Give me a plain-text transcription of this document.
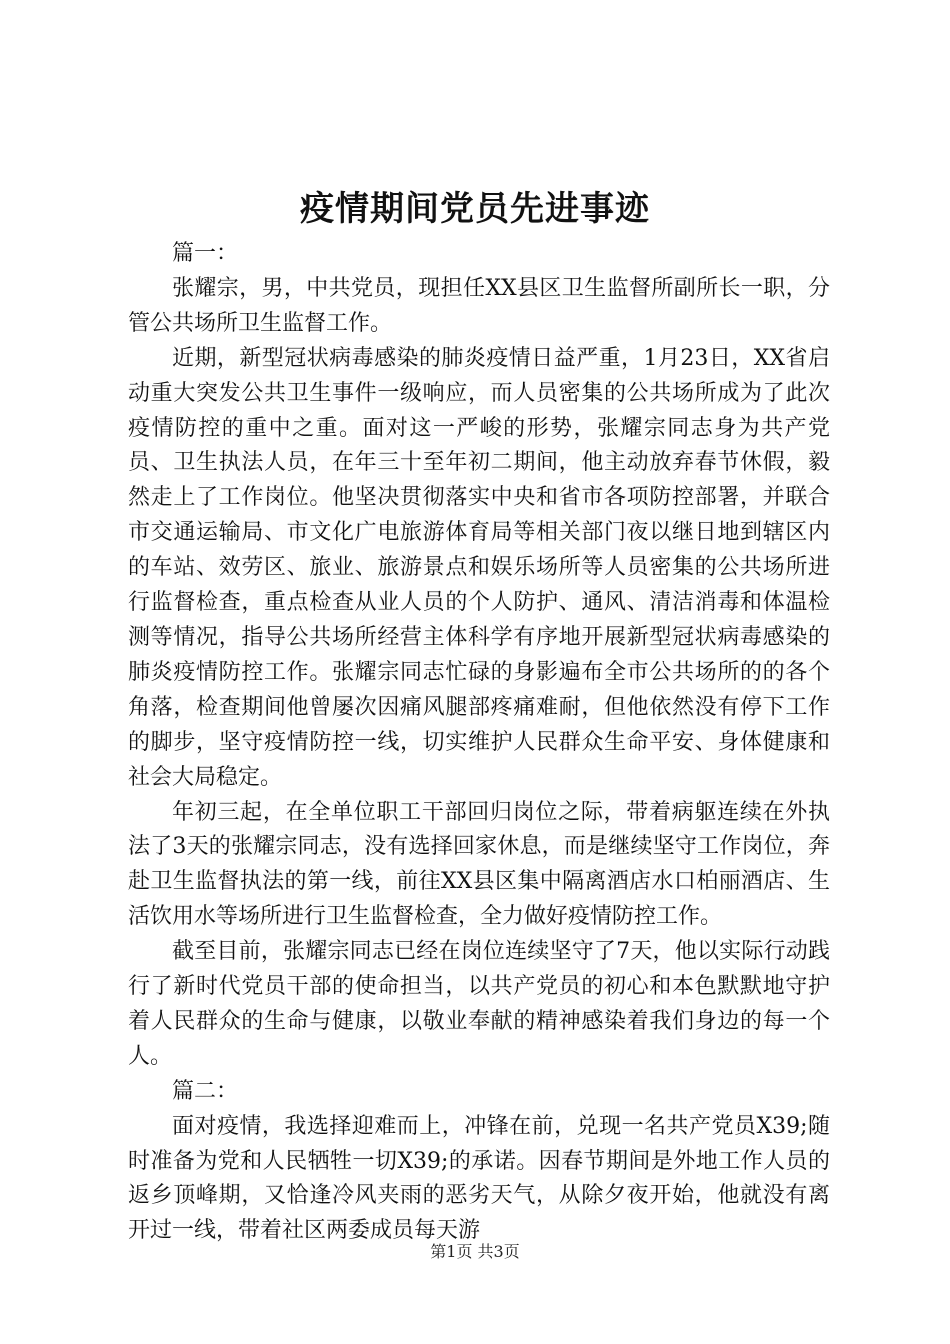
疫情期间党员先进事迹

篇一：

张耀宗，男，中共党员，现担任XX县区卫生监督所副所长一职，分管公共场所卫生监督工作。

近期，新型冠状病毒感染的肺炎疫情日益严重，1月23日，XX省启动重大突发公共卫生事件一级响应，而人员密集的公共场所成为了此次疫情防控的重中之重。面对这一严峻的形势，张耀宗同志身为共产党员、卫生执法人员，在年三十至年初二期间，他主动放弃春节休假，毅然走上了工作岗位。他坚决贯彻落实中央和省市各项防控部署，并联合市交通运输局、市文化广电旅游体育局等相关部门夜以继日地到辖区内的车站、效劳区、旅业、旅游景点和娱乐场所等人员密集的公共场所进行监督检查，重点检查从业人员的个人防护、通风、清洁消毒和体温检测等情况，指导公共场所经营主体科学有序地开展新型冠状病毒感染的肺炎疫情防控工作。张耀宗同志忙碌的身影遍布全市公共场所的的各个角落，检查期间他曾屡次因痛风腿部疼痛难耐，但他依然没有停下工作的脚步，坚守疫情防控一线，切实维护人民群众生命平安、身体健康和社会大局稳定。

年初三起，在全单位职工干部回归岗位之际，带着病躯连续在外执法了3天的张耀宗同志，没有选择回家休息，而是继续坚守工作岗位，奔赴卫生监督执法的第一线，前往XX县区集中隔离酒店水口柏丽酒店、生活饮用水等场所进行卫生监督检查，全力做好疫情防控工作。

截至目前，张耀宗同志已经在岗位连续坚守了7天，他以实际行动践行了新时代党员干部的使命担当，以共产党员的初心和本色默默地守护着人民群众的生命与健康，以敬业奉献的精神感染着我们身边的每一个人。

篇二：

面对疫情，我选择迎难而上，冲锋在前，兑现一名共产党员X39;随时准备为党和人民牺牲一切X39;的承诺。因春节期间是外地工作人员的返乡顶峰期，又恰逢冷风夹雨的恶劣天气，从除夕夜开始，他就没有离开过一线，带着社区两委成员每天游

第1页 共3页
